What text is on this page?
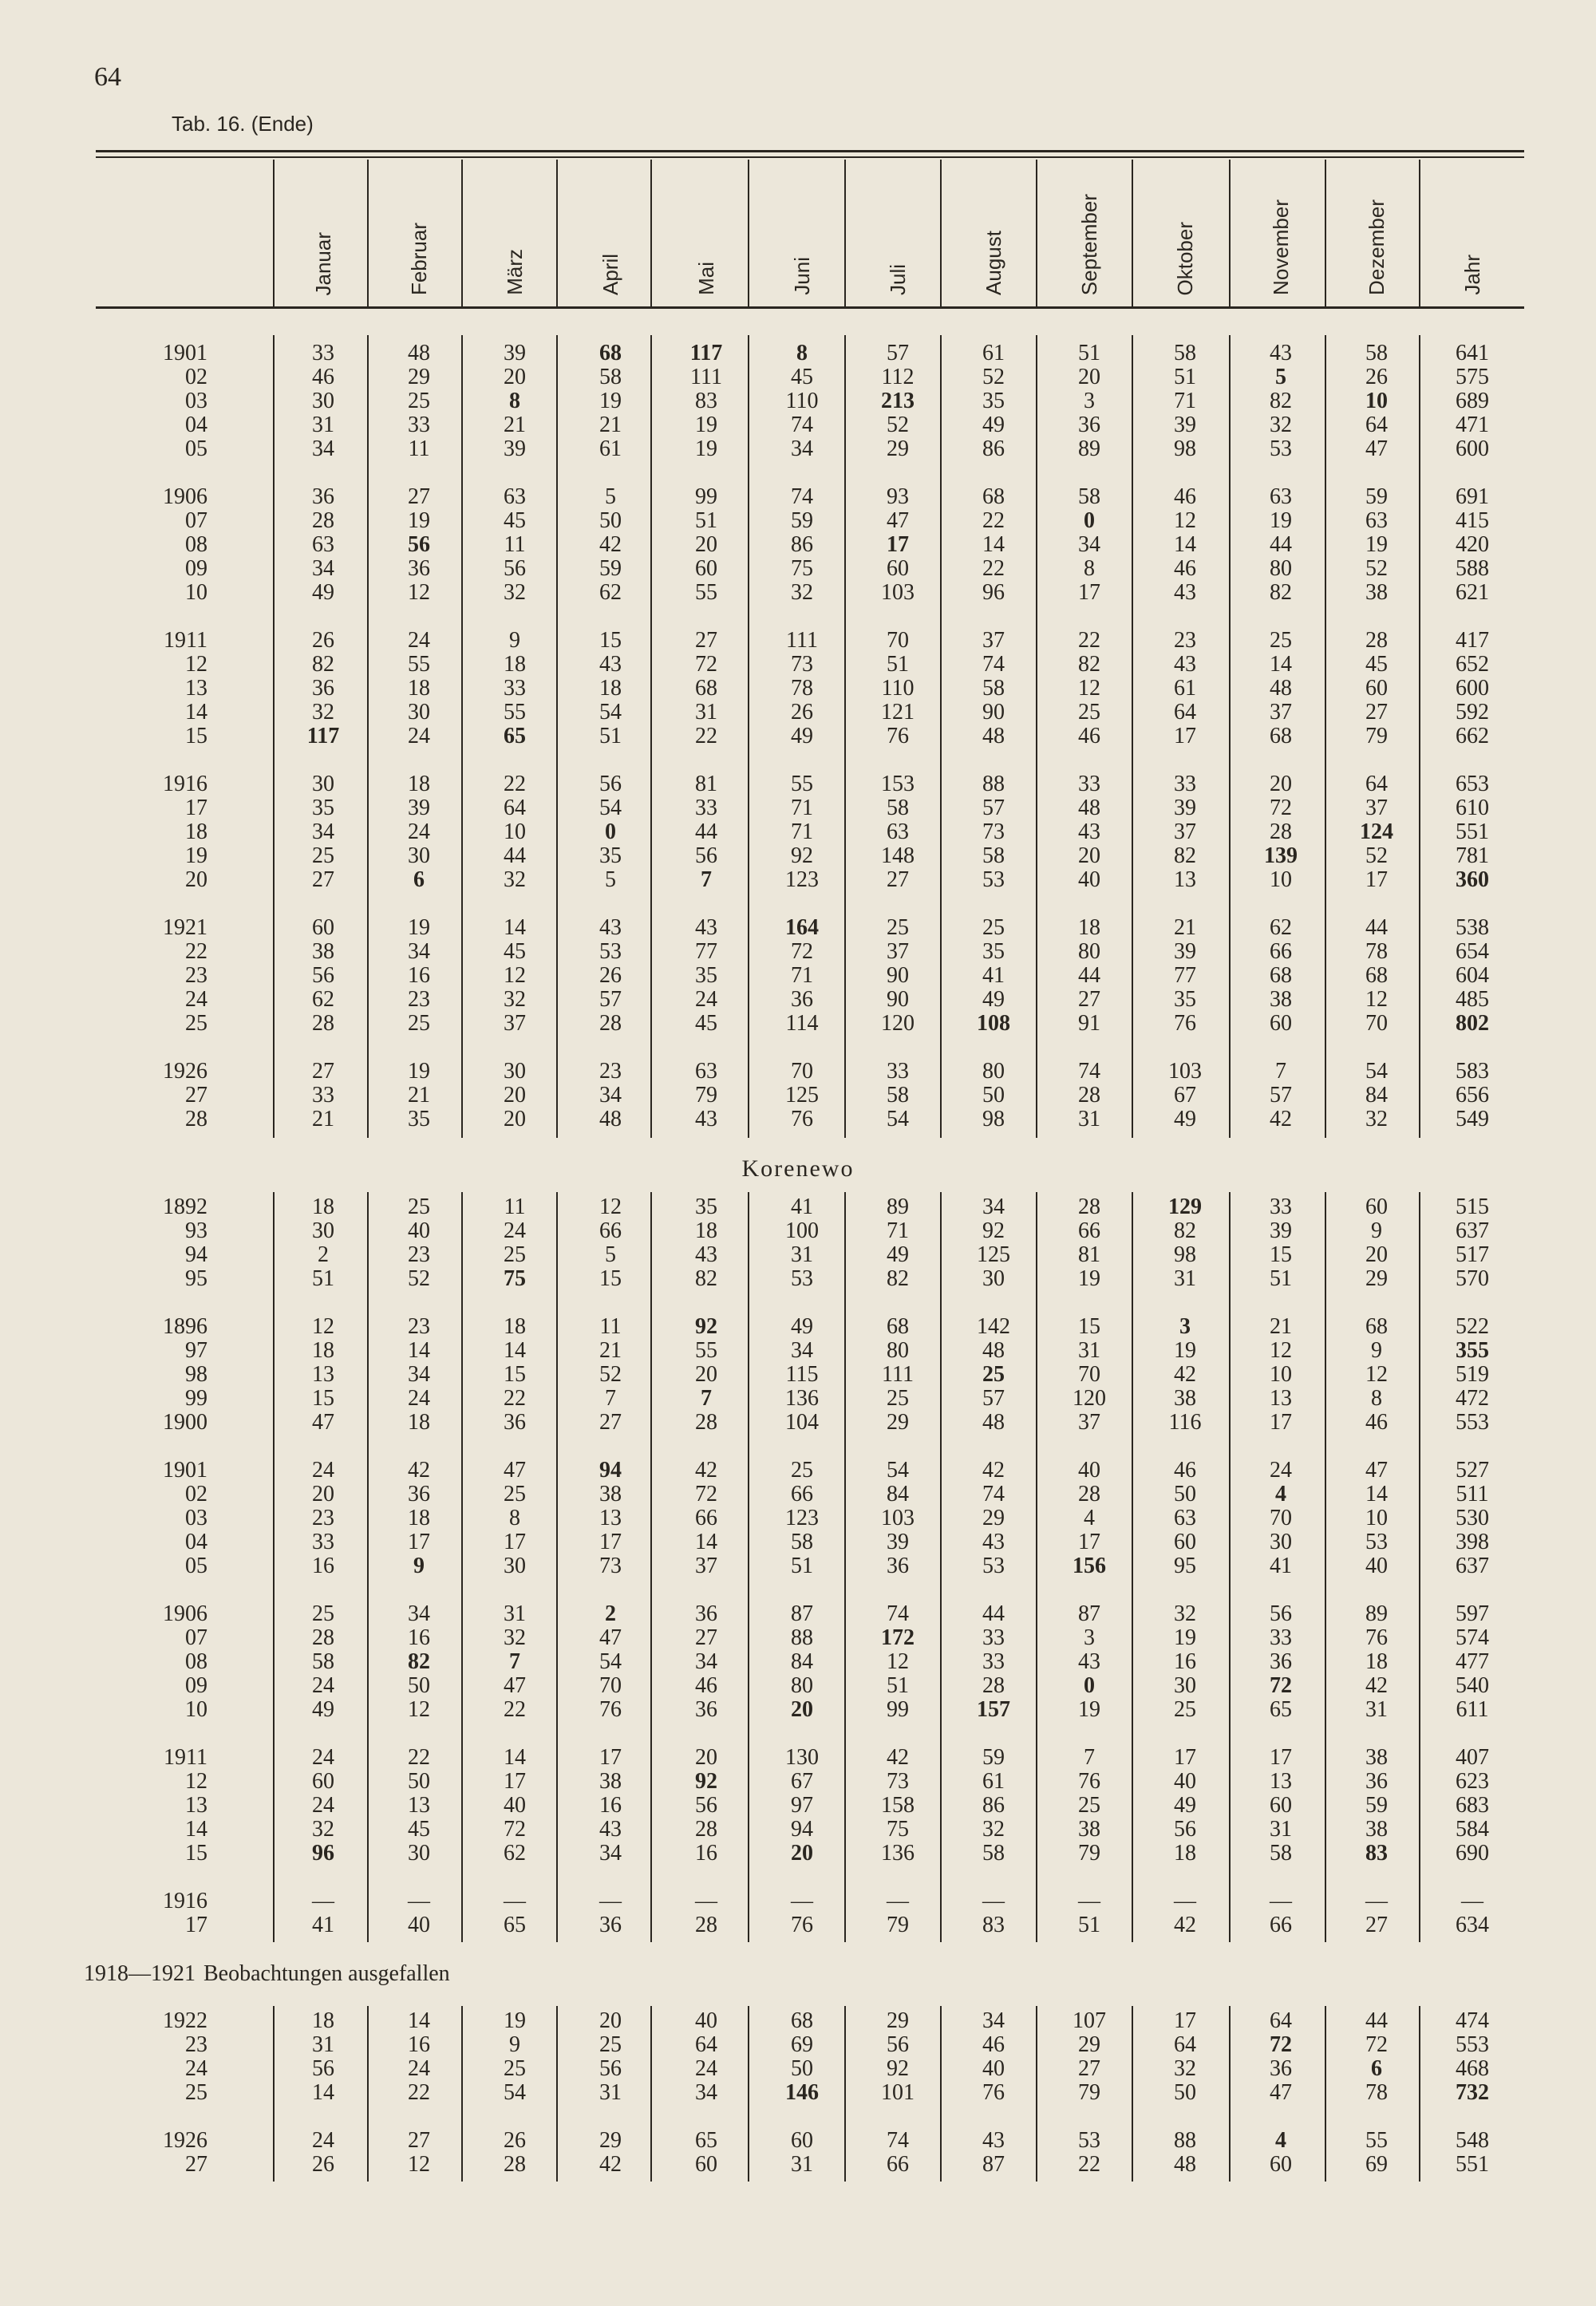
64
Tab. 16. (Ende)
Januar	Februar	März	April	Mai	Juni	Juli	August	September	Oktober	November	Dezember	Jahr
1901	33	48	39	68	117	8	57	61	51	58	43	58	641
02	46	29	20	58	111	45	112	52	20	51	5	26	575
03	30	25	8	19	83	110	213	35	3	71	82	10	689
04	31	33	21	21	19	74	52	49	36	39	32	64	471
05	34	11	39	61	19	34	29	86	89	98	53	47	600
1906	36	27	63	5	99	74	93	68	58	46	63	59	691
07	28	19	45	50	51	59	47	22	0	12	19	63	415
08	63	56	11	42	20	86	17	14	34	14	44	19	420
09	34	36	56	59	60	75	60	22	8	46	80	52	588
10	49	12	32	62	55	32	103	96	17	43	82	38	621
1911	26	24	9	15	27	111	70	37	22	23	25	28	417
12	82	55	18	43	72	73	51	74	82	43	14	45	652
13	36	18	33	18	68	78	110	58	12	61	48	60	600
14	32	30	55	54	31	26	121	90	25	64	37	27	592
15	117	24	65	51	22	49	76	48	46	17	68	79	662
1916	30	18	22	56	81	55	153	88	33	33	20	64	653
17	35	39	64	54	33	71	58	57	48	39	72	37	610
18	34	24	10	0	44	71	63	73	43	37	28	124	551
19	25	30	44	35	56	92	148	58	20	82	139	52	781
20	27	6	32	5	7	123	27	53	40	13	10	17	360
1921	60	19	14	43	43	164	25	25	18	21	62	44	538
22	38	34	45	53	77	72	37	35	80	39	66	78	654
23	56	16	12	26	35	71	90	41	44	77	68	68	604
24	62	23	32	57	24	36	90	49	27	35	38	12	485
25	28	25	37	28	45	114	120	108	91	76	60	70	802
1926	27	19	30	23	63	70	33	80	74	103	7	54	583
27	33	21	20	34	79	125	58	50	28	67	57	84	656
28	21	35	20	48	43	76	54	98	31	49	42	32	549
Korenewo
1892	18	25	11	12	35	41	89	34	28	129	33	60	515
93	30	40	24	66	18	100	71	92	66	82	39	9	637
94	2	23	25	5	43	31	49	125	81	98	15	20	517
95	51	52	75	15	82	53	82	30	19	31	51	29	570
1896	12	23	18	11	92	49	68	142	15	3	21	68	522
97	18	14	14	21	55	34	80	48	31	19	12	9	355
98	13	34	15	52	20	115	111	25	70	42	10	12	519
99	15	24	22	7	7	136	25	57	120	38	13	8	472
1900	47	18	36	27	28	104	29	48	37	116	17	46	553
1901	24	42	47	94	42	25	54	42	40	46	24	47	527
02	20	36	25	38	72	66	84	74	28	50	4	14	511
03	23	18	8	13	66	123	103	29	4	63	70	10	530
04	33	17	17	17	14	58	39	43	17	60	30	53	398
05	16	9	30	73	37	51	36	53	156	95	41	40	637
1906	25	34	31	2	36	87	74	44	87	32	56	89	597
07	28	16	32	47	27	88	172	33	3	19	33	76	574
08	58	82	7	54	34	84	12	33	43	16	36	18	477
09	24	50	47	70	46	80	51	28	0	30	72	42	540
10	49	12	22	76	36	20	99	157	19	25	65	31	611
1911	24	22	14	17	20	130	42	59	7	17	17	38	407
12	60	50	17	38	92	67	73	61	76	40	13	36	623
13	24	13	40	16	56	97	158	86	25	49	60	59	683
14	32	45	72	43	28	94	75	32	38	56	31	38	584
15	96	30	62	34	16	20	136	58	79	18	58	83	690
1916	—	—	—	—	—	—	—	—	—	—	—	—	—
17	41	40	65	36	28	76	79	83	51	42	66	27	634
1918—1921 Beobachtungen ausgefallen
1922	18	14	19	20	40	68	29	34	107	17	64	44	474
23	31	16	9	25	64	69	56	46	29	64	72	72	553
24	56	24	25	56	24	50	92	40	27	32	36	6	468
25	14	22	54	31	34	146	101	76	79	50	47	78	732
1926	24	27	26	29	65	60	74	43	53	88	4	55	548
27	26	12	28	42	60	31	66	87	22	48	60	69	551
